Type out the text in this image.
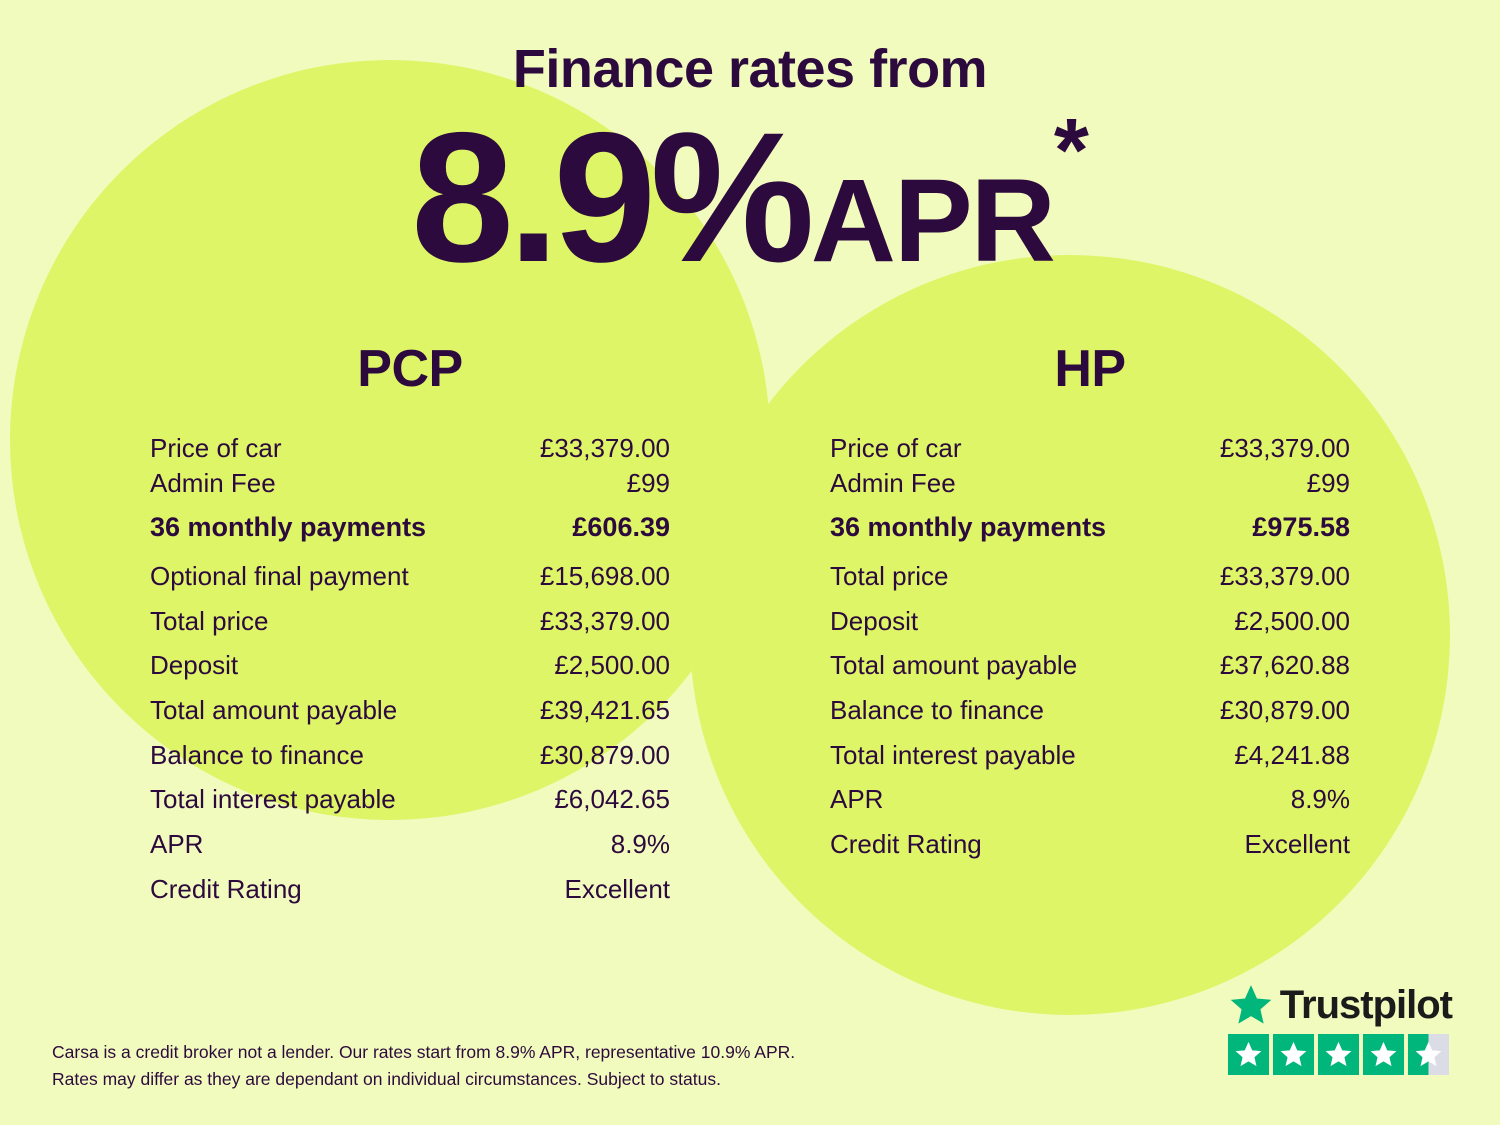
Finance rates from
8.9%APR*
PCP
Price of car	£33,379.00
Admin Fee	£99
36 monthly payments	£606.39
Optional final payment	£15,698.00
Total price	£33,379.00
Deposit	£2,500.00
Total amount payable	£39,421.65
Balance to finance	£30,879.00
Total interest payable	£6,042.65
APR	8.9%
Credit Rating	Excellent
HP
Price of car	£33,379.00
Admin Fee	£99
36 monthly payments	£975.58
Total price	£33,379.00
Deposit	£2,500.00
Total amount payable	£37,620.88
Balance to finance	£30,879.00
Total interest payable	£4,241.88
APR	8.9%
Credit Rating	Excellent
Carsa is a credit broker not a lender. Our rates start from 8.9% APR, representative 10.9% APR.
Rates may differ as they are dependant on individual circumstances. Subject to status.
Trustpilot
